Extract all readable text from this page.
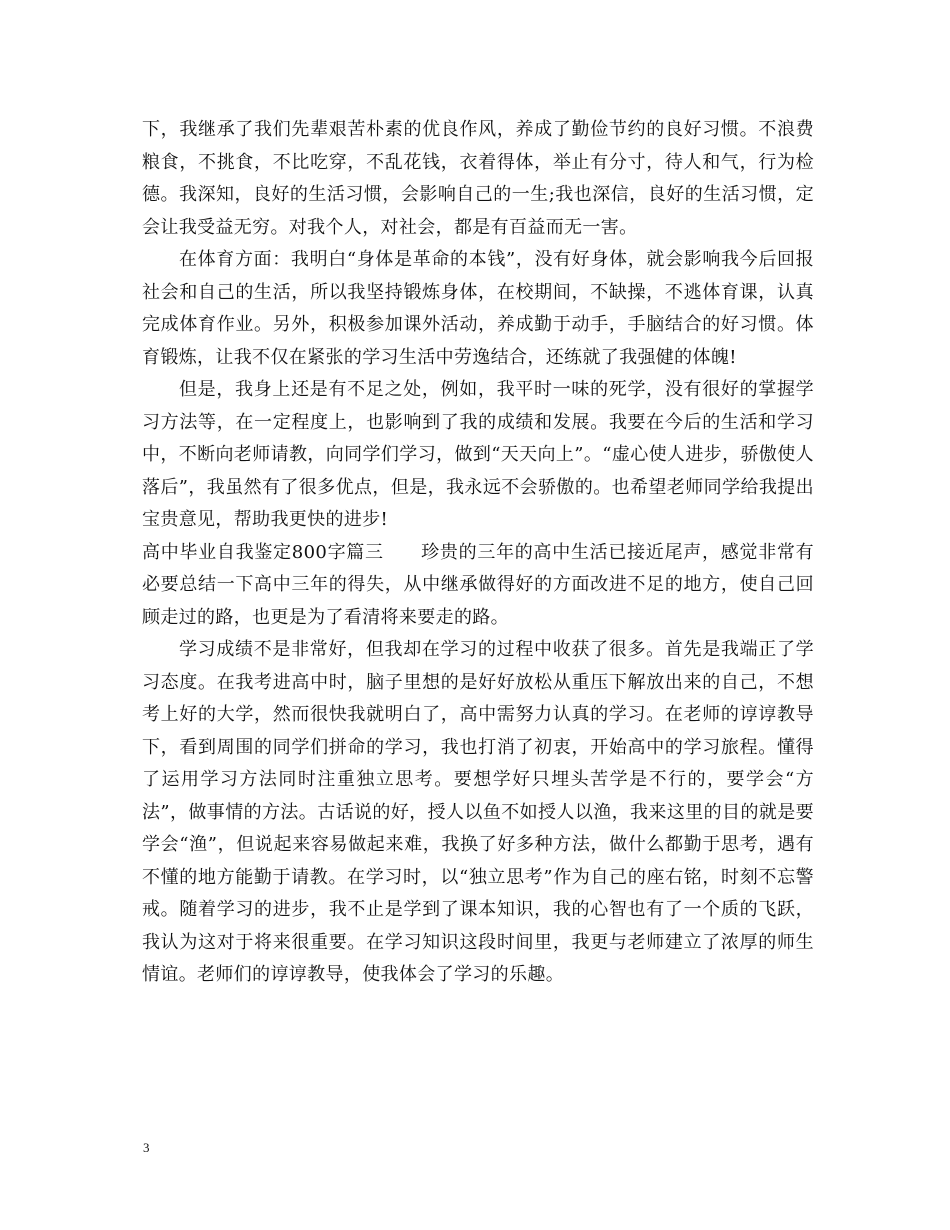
下，我继承了我们先辈艰苦朴素的优良作风，养成了勤俭节约的良好习惯。不浪费粮食，不挑食，不比吃穿，不乱花钱，衣着得体，举止有分寸，待人和气，行为检德。我深知，良好的生活习惯，会影响自己的一生;我也深信，良好的生活习惯，定会让我受益无穷。对我个人，对社会，都是有百益而无一害。

在体育方面：我明白“身体是革命的本钱”，没有好身体，就会影响我今后回报社会和自己的生活，所以我坚持锻炼身体，在校期间，不缺操，不逃体育课，认真完成体育作业。另外，积极参加课外活动，养成勤于动手，手脑结合的好习惯。体育锻炼，让我不仅在紧张的学习生活中劳逸结合，还练就了我强健的体魄!

但是，我身上还是有不足之处，例如，我平时一味的死学，没有很好的掌握学习方法等，在一定程度上，也影响到了我的成绩和发展。我要在今后的生活和学习中，不断向老师请教，向同学们学习，做到“天天向上”。“虚心使人进步，骄傲使人落后”，我虽然有了很多优点，但是，我永远不会骄傲的。也希望老师同学给我提出宝贵意见，帮助我更快的进步!

高中毕业自我鉴定800字篇三　　珍贵的三年的高中生活已接近尾声，感觉非常有必要总结一下高中三年的得失，从中继承做得好的方面改进不足的地方，使自己回顾走过的路，也更是为了看清将来要走的路。

学习成绩不是非常好，但我却在学习的过程中收获了很多。首先是我端正了学习态度。在我考进高中时，脑子里想的是好好放松从重压下解放出来的自己，不想考上好的大学，然而很快我就明白了，高中需努力认真的学习。在老师的谆谆教导下，看到周围的同学们拼命的学习，我也打消了初衷，开始高中的学习旅程。懂得了运用学习方法同时注重独立思考。要想学好只埋头苦学是不行的，要学会“方法”，做事情的方法。古话说的好，授人以鱼不如授人以渔，我来这里的目的就是要学会“渔”，但说起来容易做起来难，我换了好多种方法，做什么都勤于思考，遇有不懂的地方能勤于请教。在学习时，以“独立思考”作为自己的座右铭，时刻不忘警戒。随着学习的进步，我不止是学到了课本知识，我的心智也有了一个质的飞跃，我认为这对于将来很重要。在学习知识这段时间里，我更与老师建立了浓厚的师生情谊。老师们的谆谆教导，使我体会了学习的乐趣。

3
